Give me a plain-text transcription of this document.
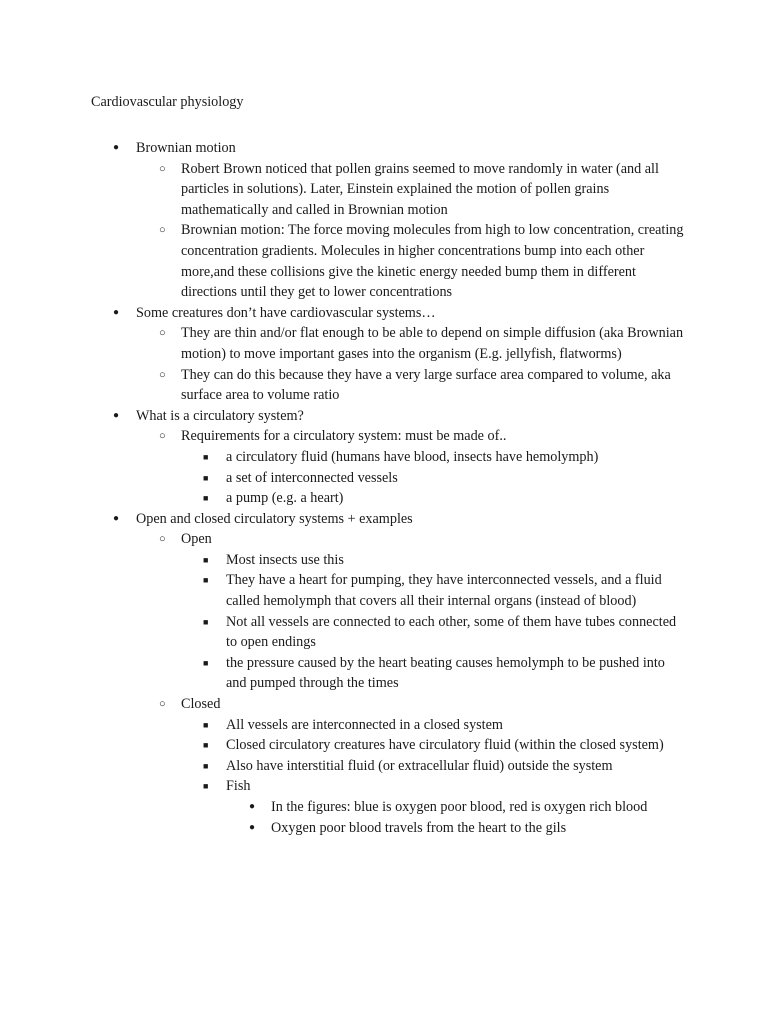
Cardiovascular physiology
● Brownian motion
○ Robert Brown noticed that pollen grains seemed to move randomly in water (and all particles in solutions). Later, Einstein explained the motion of pollen grains mathematically and called in Brownian motion
○ Brownian motion: The force moving molecules from high to low concentration, creating concentration gradients. Molecules in higher concentrations bump into each other more,and these collisions give the kinetic energy needed bump them in different directions until they get to lower concentrations
● Some creatures don’t have cardiovascular systems…
○ They are thin and/or flat enough to be able to depend on simple diffusion (aka Brownian motion) to move important gases into the organism (E.g. jellyfish, flatworms)
○ They can do this because they have a very large surface area compared to volume, aka surface area to volume ratio
● What is a circulatory system?
○ Requirements for a circulatory system: must be made of..
■ a circulatory fluid (humans have blood, insects have hemolymph)
■ a set of interconnected vessels
■ a pump (e.g. a heart)
● Open and closed circulatory systems + examples
○ Open
■ Most insects use this
■ They have a heart for pumping, they have interconnected vessels, and a fluid called hemolymph that covers all their internal organs (instead of blood)
■ Not all vessels are connected to each other, some of them have tubes connected to open endings
■ the pressure caused by the heart beating causes hemolymph to be pushed into and pumped through the times
○ Closed
■ All vessels are interconnected in a closed system
■ Closed circulatory creatures have circulatory fluid (within the closed system)
■ Also have interstitial fluid (or extracellular fluid) outside the system
■ Fish
● In the figures: blue is oxygen poor blood, red is oxygen rich blood
● Oxygen poor blood travels from the heart to the gils
